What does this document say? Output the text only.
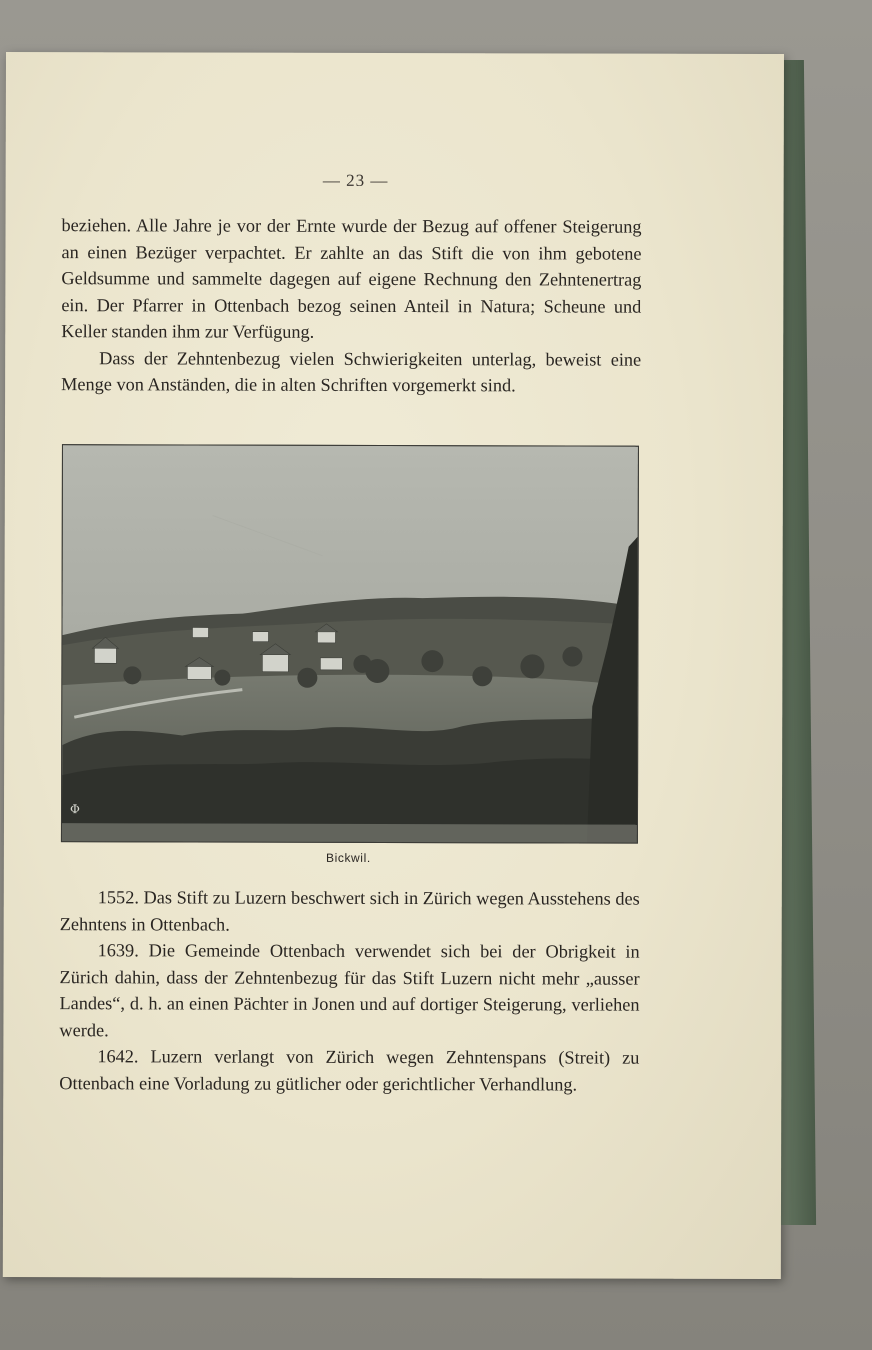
— 23 —

beziehen. Alle Jahre je vor der Ernte wurde der Bezug auf offener Steigerung an einen Bezüger verpachtet. Er zahlte an das Stift die von ihm gebotene Geldsumme und sammelte dagegen auf eigene Rechnung den Zehntenertrag ein. Der Pfarrer in Ottenbach bezog seinen Anteil in Natura; Scheune und Keller standen ihm zur Verfügung.

Dass der Zehntenbezug vielen Schwierigkeiten unterlag, beweist eine Menge von Anständen, die in alten Schriften vorgemerkt sind.

Φ
Bickwil.

1552. Das Stift zu Luzern beschwert sich in Zürich wegen Ausstehens des Zehntens in Ottenbach.

1639. Die Gemeinde Ottenbach verwendet sich bei der Obrigkeit in Zürich dahin, dass der Zehntenbezug für das Stift Luzern nicht mehr „ausser Landes“, d. h. an einen Pächter in Jonen und auf dortiger Steigerung, verliehen werde.

1642. Luzern verlangt von Zürich wegen Zehntenspans (Streit) zu Ottenbach eine Vorladung zu gütlicher oder gerichtlicher Verhandlung.
